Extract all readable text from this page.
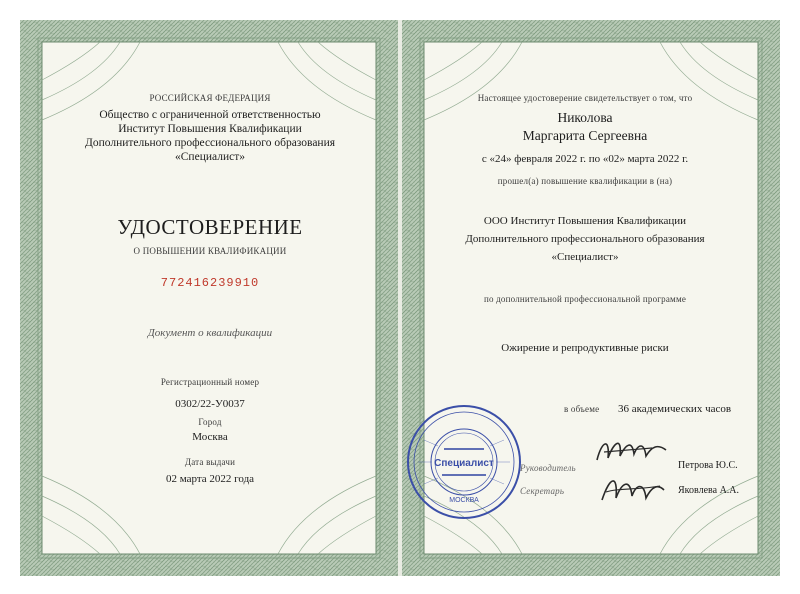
РОССИЙСКАЯ ФЕДЕРАЦИЯ
Общество с ограниченной ответственностью
Институт Повышения Квалификации
Дополнительного профессионального образования
«Специалист»
УДОСТОВЕРЕНИЕ
О ПОВЫШЕНИИ КВАЛИФИКАЦИИ
772416239910
Документ о квалификации
Регистрационный номер
0302/22-У0037
Город
Москва
Дата выдачи
02 марта 2022 года
Настоящее удостоверение свидетельствует о том, что
Николова
Маргарита Сергеевна
с «24» февраля 2022 г. по «02» марта 2022 г.
прошел(а) повышение квалификации в (на)
ООО Институт Повышения Квалификации
Дополнительного профессионального образования
«Специалист»
по дополнительной профессиональной программе
Ожирение и репродуктивные риски
в объеме 36 академических часов
Руководитель	Петрова Ю.С.
Секретарь	Яковлева А.А.
Специалист
МОСКВА
